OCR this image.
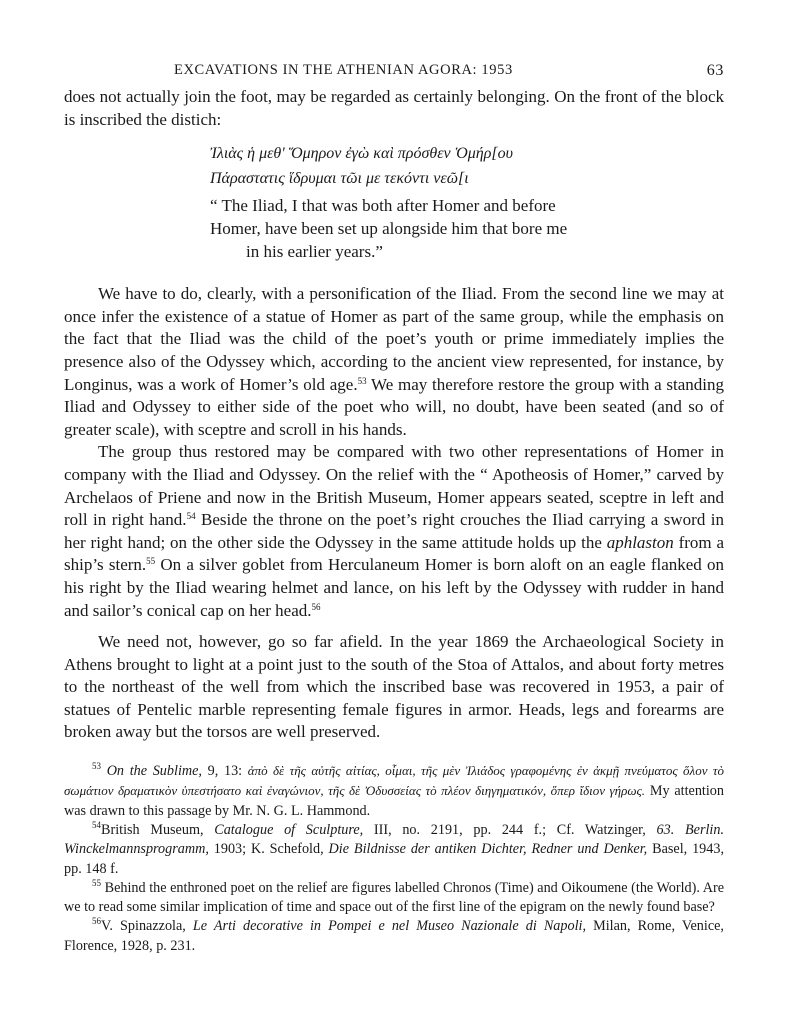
EXCAVATIONS IN THE ATHENIAN AGORA: 1953	63

does not actually join the foot, may be regarded as certainly belonging. On the front of the block is inscribed the distich:

Ἰλιὰς ἡ μεθ' Ὅμηρον ἐγὼ καὶ πρόσθεν Ὁμήρ[ου
Πάραστατις ἵδρυμαι τῶι με τεκόντι νεῶ[ι
“ The Iliad, I that was both after Homer and before
Homer, have been set up alongside him that bore me
in his earlier years.”

We have to do, clearly, with a personification of the Iliad. From the second line we may at once infer the existence of a statue of Homer as part of the same group, while the emphasis on the fact that the Iliad was the child of the poet’s youth or prime immediately implies the presence also of the Odyssey which, according to the ancient view represented, for instance, by Longinus, was a work of Homer’s old age.$^{53}$ We may therefore restore the group with a standing Iliad and Odyssey to either side of the poet who will, no doubt, have been seated (and so of greater scale), with sceptre and scroll in his hands.

The group thus restored may be compared with two other representations of Homer in company with the Iliad and Odyssey. On the relief with the “ Apotheosis of Homer,” carved by Archelaos of Priene and now in the British Museum, Homer appears seated, sceptre in left and roll in right hand.$^{54}$ Beside the throne on the poet’s right crouches the Iliad carrying a sword in her right hand; on the other side the Odyssey in the same attitude holds up the aphlaston from a ship’s stern.$^{55}$ On a silver goblet from Herculaneum Homer is born aloft on an eagle flanked on his right by the Iliad wearing helmet and lance, on his left by the Odyssey with rudder in hand and sailor’s conical cap on her head.$^{56}$

We need not, however, go so far afield. In the year 1869 the Archaeological Society in Athens brought to light at a point just to the south of the Stoa of Attalos, and about forty metres to the northeast of the well from which the inscribed base was recovered in 1953, a pair of statues of Pentelic marble representing female figures in armor. Heads, legs and forearms are broken away but the torsos are well preserved.

$^{53}$ On the Sublime, 9, 13: ἀπὸ δὲ τῆς αὐτῆς αἰτίας, οἶμαι, τῆς μὲν Ἰλιάδος γραφομένης ἐν ἀκμῇ πνεύματος ὅλον τὸ σωμάτιον δραματικὸν ὑπεστήσατο καὶ ἐναγώνιον, τῆς δὲ Ὀδυσσείας τὸ πλέον διηγηματικόν, ὅπερ ἴδιον γήρως. My attention was drawn to this passage by Mr. N. G. L. Hammond.

$^{54}$British Museum, Catalogue of Sculpture, III, no. 2191, pp. 244 f.; Cf. Watzinger, 63. Berlin. Winckelmannsprogramm, 1903; K. Schefold, Die Bildnisse der antiken Dichter, Redner und Denker, Basel, 1943, pp. 148 f.

$^{55}$ Behind the enthroned poet on the relief are figures labelled Chronos (Time) and Oikoumene (the World). Are we to read some similar implication of time and space out of the first line of the epigram on the newly found base?

$^{56}$V. Spinazzola, Le Arti decorative in Pompei e nel Museo Nazionale di Napoli, Milan, Rome, Venice, Florence, 1928, p. 231.
